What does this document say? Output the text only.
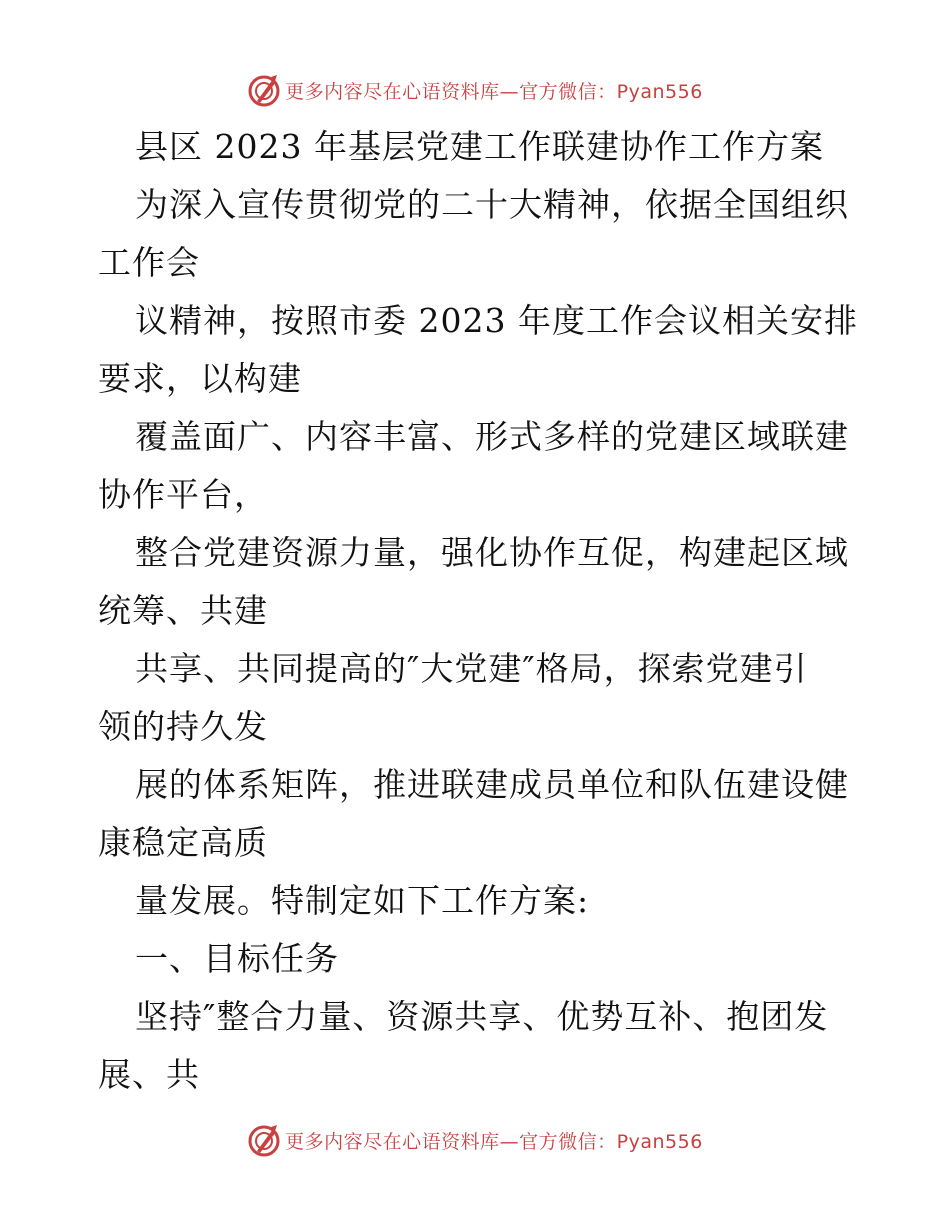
更多内容尽在心语资料库—官方微信：Pyan556
县区 2023 年基层党建工作联建协作工作方案
为深入宣传贯彻党的二十大精神，依据全国组织
工作会
议精神，按照市委 2023 年度工作会议相关安排
要求，以构建
覆盖面广、内容丰富、形式多样的党建区域联建
协作平台，
整合党建资源力量，强化协作互促，构建起区域
统筹、共建
共享、共同提高的″大党建″格局，探索党建引
领的持久发
展的体系矩阵，推进联建成员单位和队伍建设健
康稳定高质
量发展。特制定如下工作方案:
一、目标任务
坚持″整合力量、资源共享、优势互补、抱团发
展、共
更多内容尽在心语资料库—官方微信：Pyan556
